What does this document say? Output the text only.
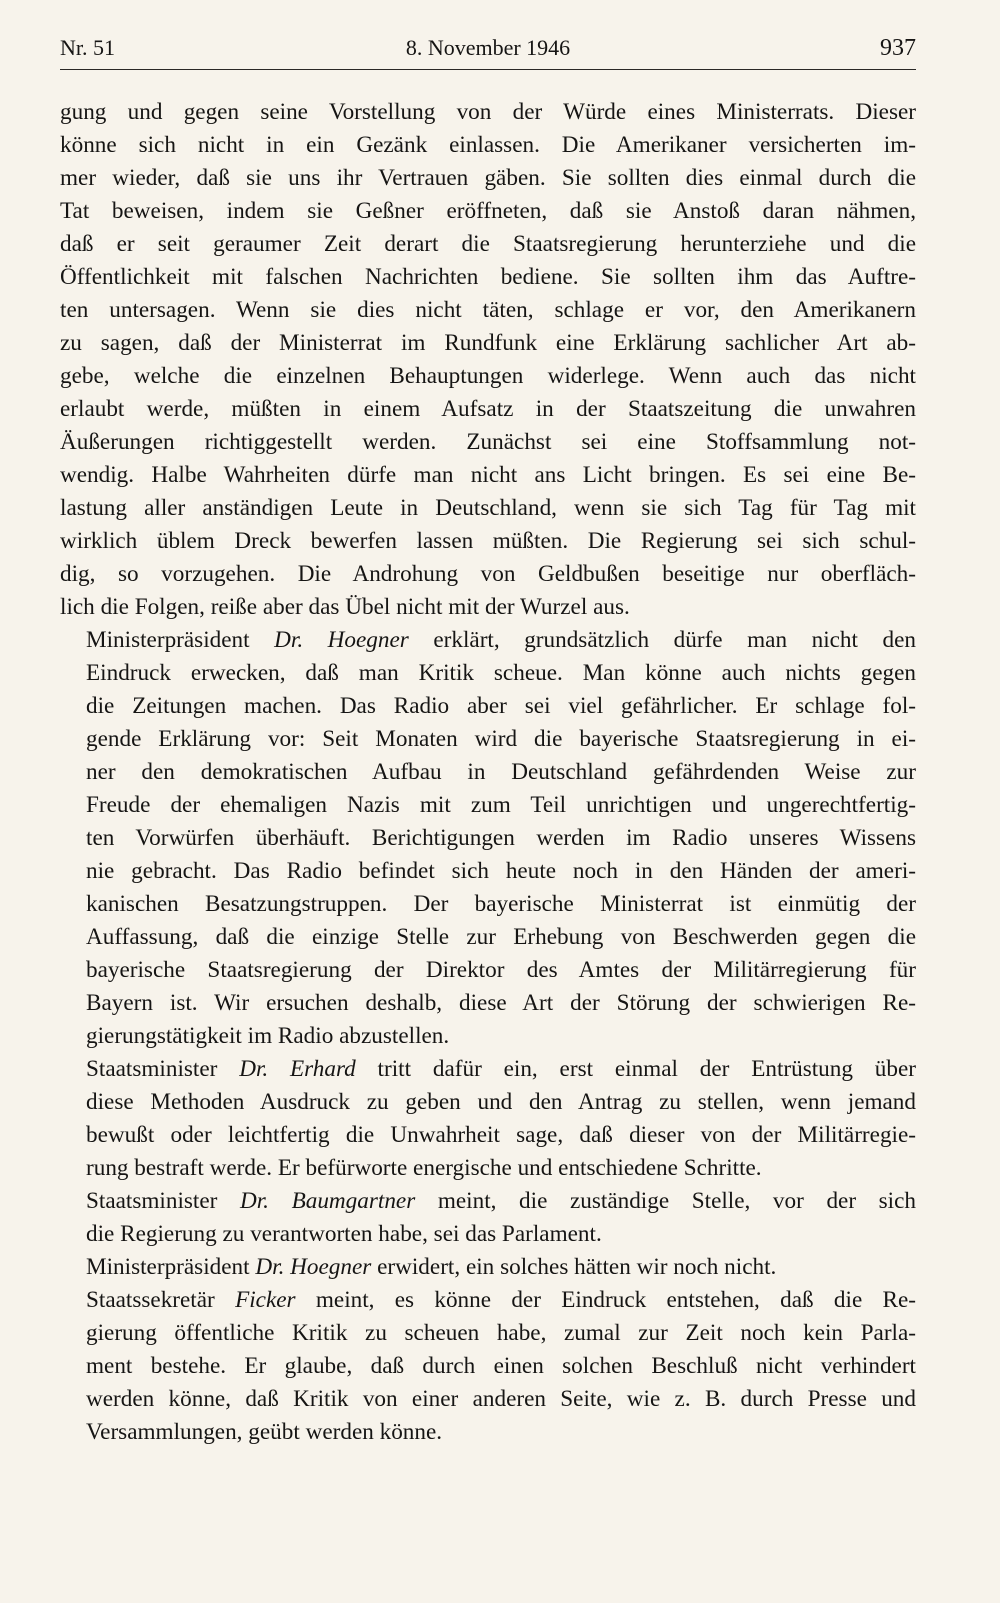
Nr. 51	8. November 1946	937

gung und gegen seine Vorstellung von der Würde eines Ministerrats. Dieser
könne sich nicht in ein Gezänk einlassen. Die Amerikaner versicherten im-
mer wieder, daß sie uns ihr Vertrauen gäben. Sie sollten dies einmal durch die
Tat beweisen, indem sie Geßner eröffneten, daß sie Anstoß daran nähmen,
daß er seit geraumer Zeit derart die Staatsregierung herunterziehe und die
Öffentlichkeit mit falschen Nachrichten bediene. Sie sollten ihm das Auftre-
ten untersagen. Wenn sie dies nicht täten, schlage er vor, den Amerikanern
zu sagen, daß der Ministerrat im Rundfunk eine Erklärung sachlicher Art ab-
gebe, welche die einzelnen Behauptungen widerlege. Wenn auch das nicht
erlaubt werde, müßten in einem Aufsatz in der Staatszeitung die unwahren
Äußerungen richtiggestellt werden. Zunächst sei eine Stoffsammlung not-
wendig. Halbe Wahrheiten dürfe man nicht ans Licht bringen. Es sei eine Be-
lastung aller anständigen Leute in Deutschland, wenn sie sich Tag für Tag mit
wirklich üblem Dreck bewerfen lassen müßten. Die Regierung sei sich schul-
dig, so vorzugehen. Die Androhung von Geldbußen beseitige nur oberfläch-
lich die Folgen, reiße aber das Übel nicht mit der Wurzel aus.

Ministerpräsident Dr. Hoegner erklärt, grundsätzlich dürfe man nicht den
Eindruck erwecken, daß man Kritik scheue. Man könne auch nichts gegen
die Zeitungen machen. Das Radio aber sei viel gefährlicher. Er schlage fol-
gende Erklärung vor: Seit Monaten wird die bayerische Staatsregierung in ei-
ner den demokratischen Aufbau in Deutschland gefährdenden Weise zur
Freude der ehemaligen Nazis mit zum Teil unrichtigen und ungerechtfertig-
ten Vorwürfen überhäuft. Berichtigungen werden im Radio unseres Wissens
nie gebracht. Das Radio befindet sich heute noch in den Händen der ameri-
kanischen Besatzungstruppen. Der bayerische Ministerrat ist einmütig der
Auffassung, daß die einzige Stelle zur Erhebung von Beschwerden gegen die
bayerische Staatsregierung der Direktor des Amtes der Militärregierung für
Bayern ist. Wir ersuchen deshalb, diese Art der Störung der schwierigen Re-
gierungstätigkeit im Radio abzustellen.

Staatsminister Dr. Erhard tritt dafür ein, erst einmal der Entrüstung über
diese Methoden Ausdruck zu geben und den Antrag zu stellen, wenn jemand
bewußt oder leichtfertig die Unwahrheit sage, daß dieser von der Militärregie-
rung bestraft werde. Er befürworte energische und entschiedene Schritte.

Staatsminister Dr. Baumgartner meint, die zuständige Stelle, vor der sich
die Regierung zu verantworten habe, sei das Parlament.

Ministerpräsident Dr. Hoegner erwidert, ein solches hätten wir noch nicht.

Staatssekretär Ficker meint, es könne der Eindruck entstehen, daß die Re-
gierung öffentliche Kritik zu scheuen habe, zumal zur Zeit noch kein Parla-
ment bestehe. Er glaube, daß durch einen solchen Beschluß nicht verhindert
werden könne, daß Kritik von einer anderen Seite, wie z. B. durch Presse und
Versammlungen, geübt werden könne.
